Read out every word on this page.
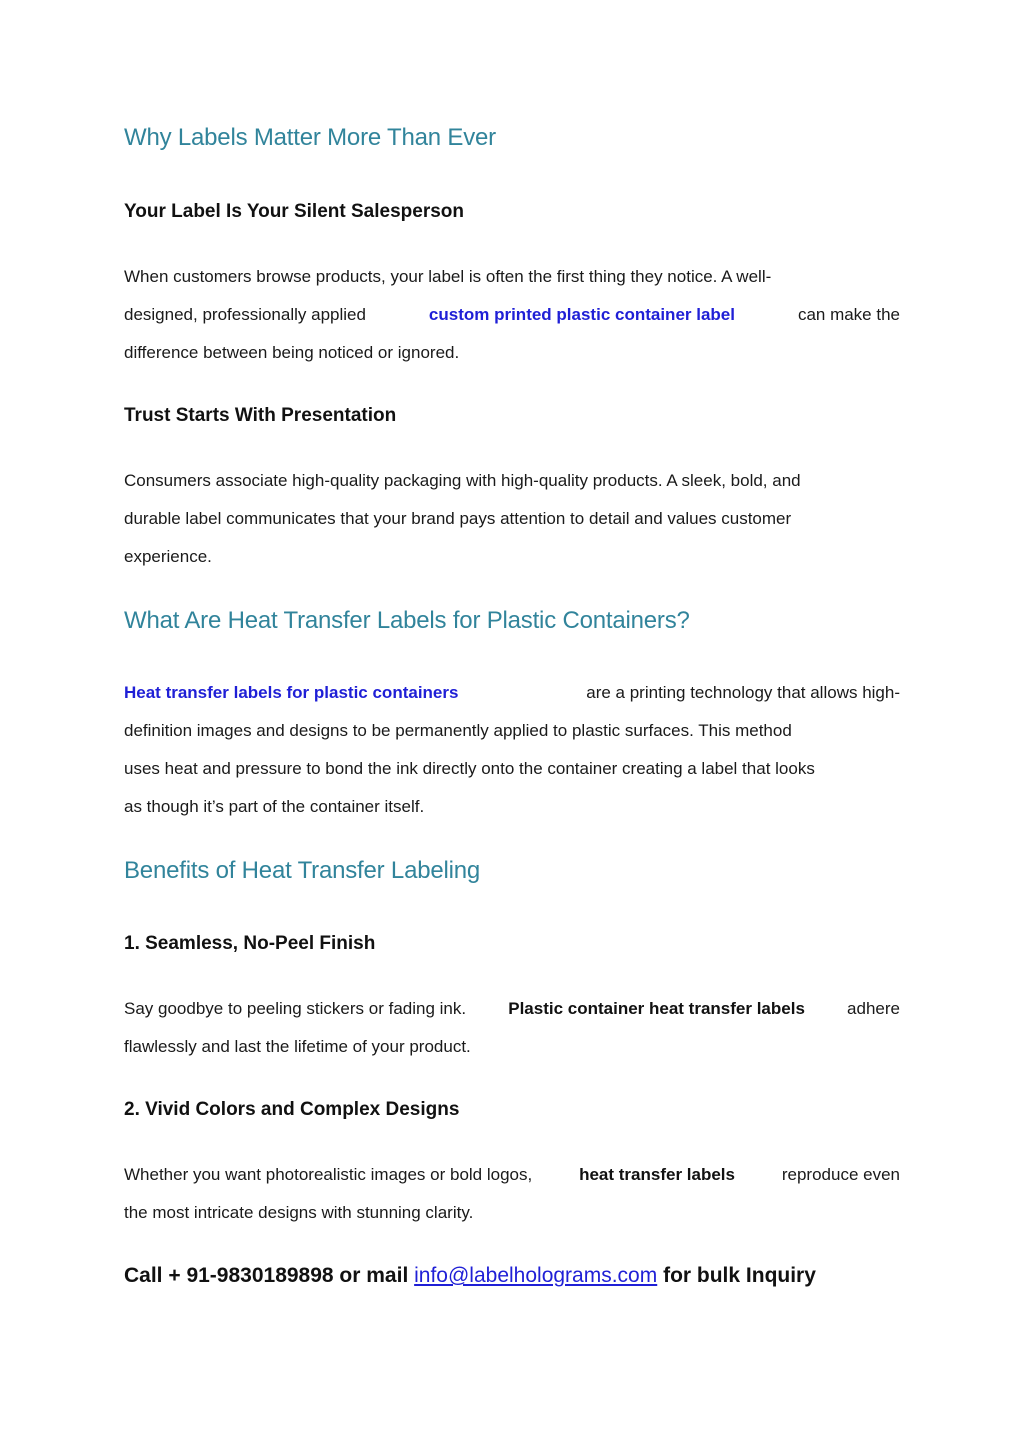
Why Labels Matter More Than Ever
Your Label Is Your Silent Salesperson
When customers browse products, your label is often the first thing they notice. A well-
designed, professionally applied	custom printed plastic container label	can make the
difference between being noticed or ignored.
Trust Starts With Presentation
Consumers associate high-quality packaging with high-quality products. A sleek, bold, and
durable label communicates that your brand pays attention to detail and values customer
experience.
What Are Heat Transfer Labels for Plastic Containers?
Heat transfer labels for plastic containers	are a printing technology that allows high-
definition images and designs to be permanently applied to plastic surfaces. This method
uses heat and pressure to bond the ink directly onto the container creating a label that looks
as though it’s part of the container itself.
Benefits of Heat Transfer Labeling
1. Seamless, No-Peel Finish
Say goodbye to peeling stickers or fading ink. Plastic container heat transfer labels adhere
flawlessly and last the lifetime of your product.
2. Vivid Colors and Complex Designs
Whether you want photorealistic images or bold logos,	heat transfer labels	reproduce even
the most intricate designs with stunning clarity.

Call + 91-9830189898 or mail info@labelholograms.com for bulk Inquiry
